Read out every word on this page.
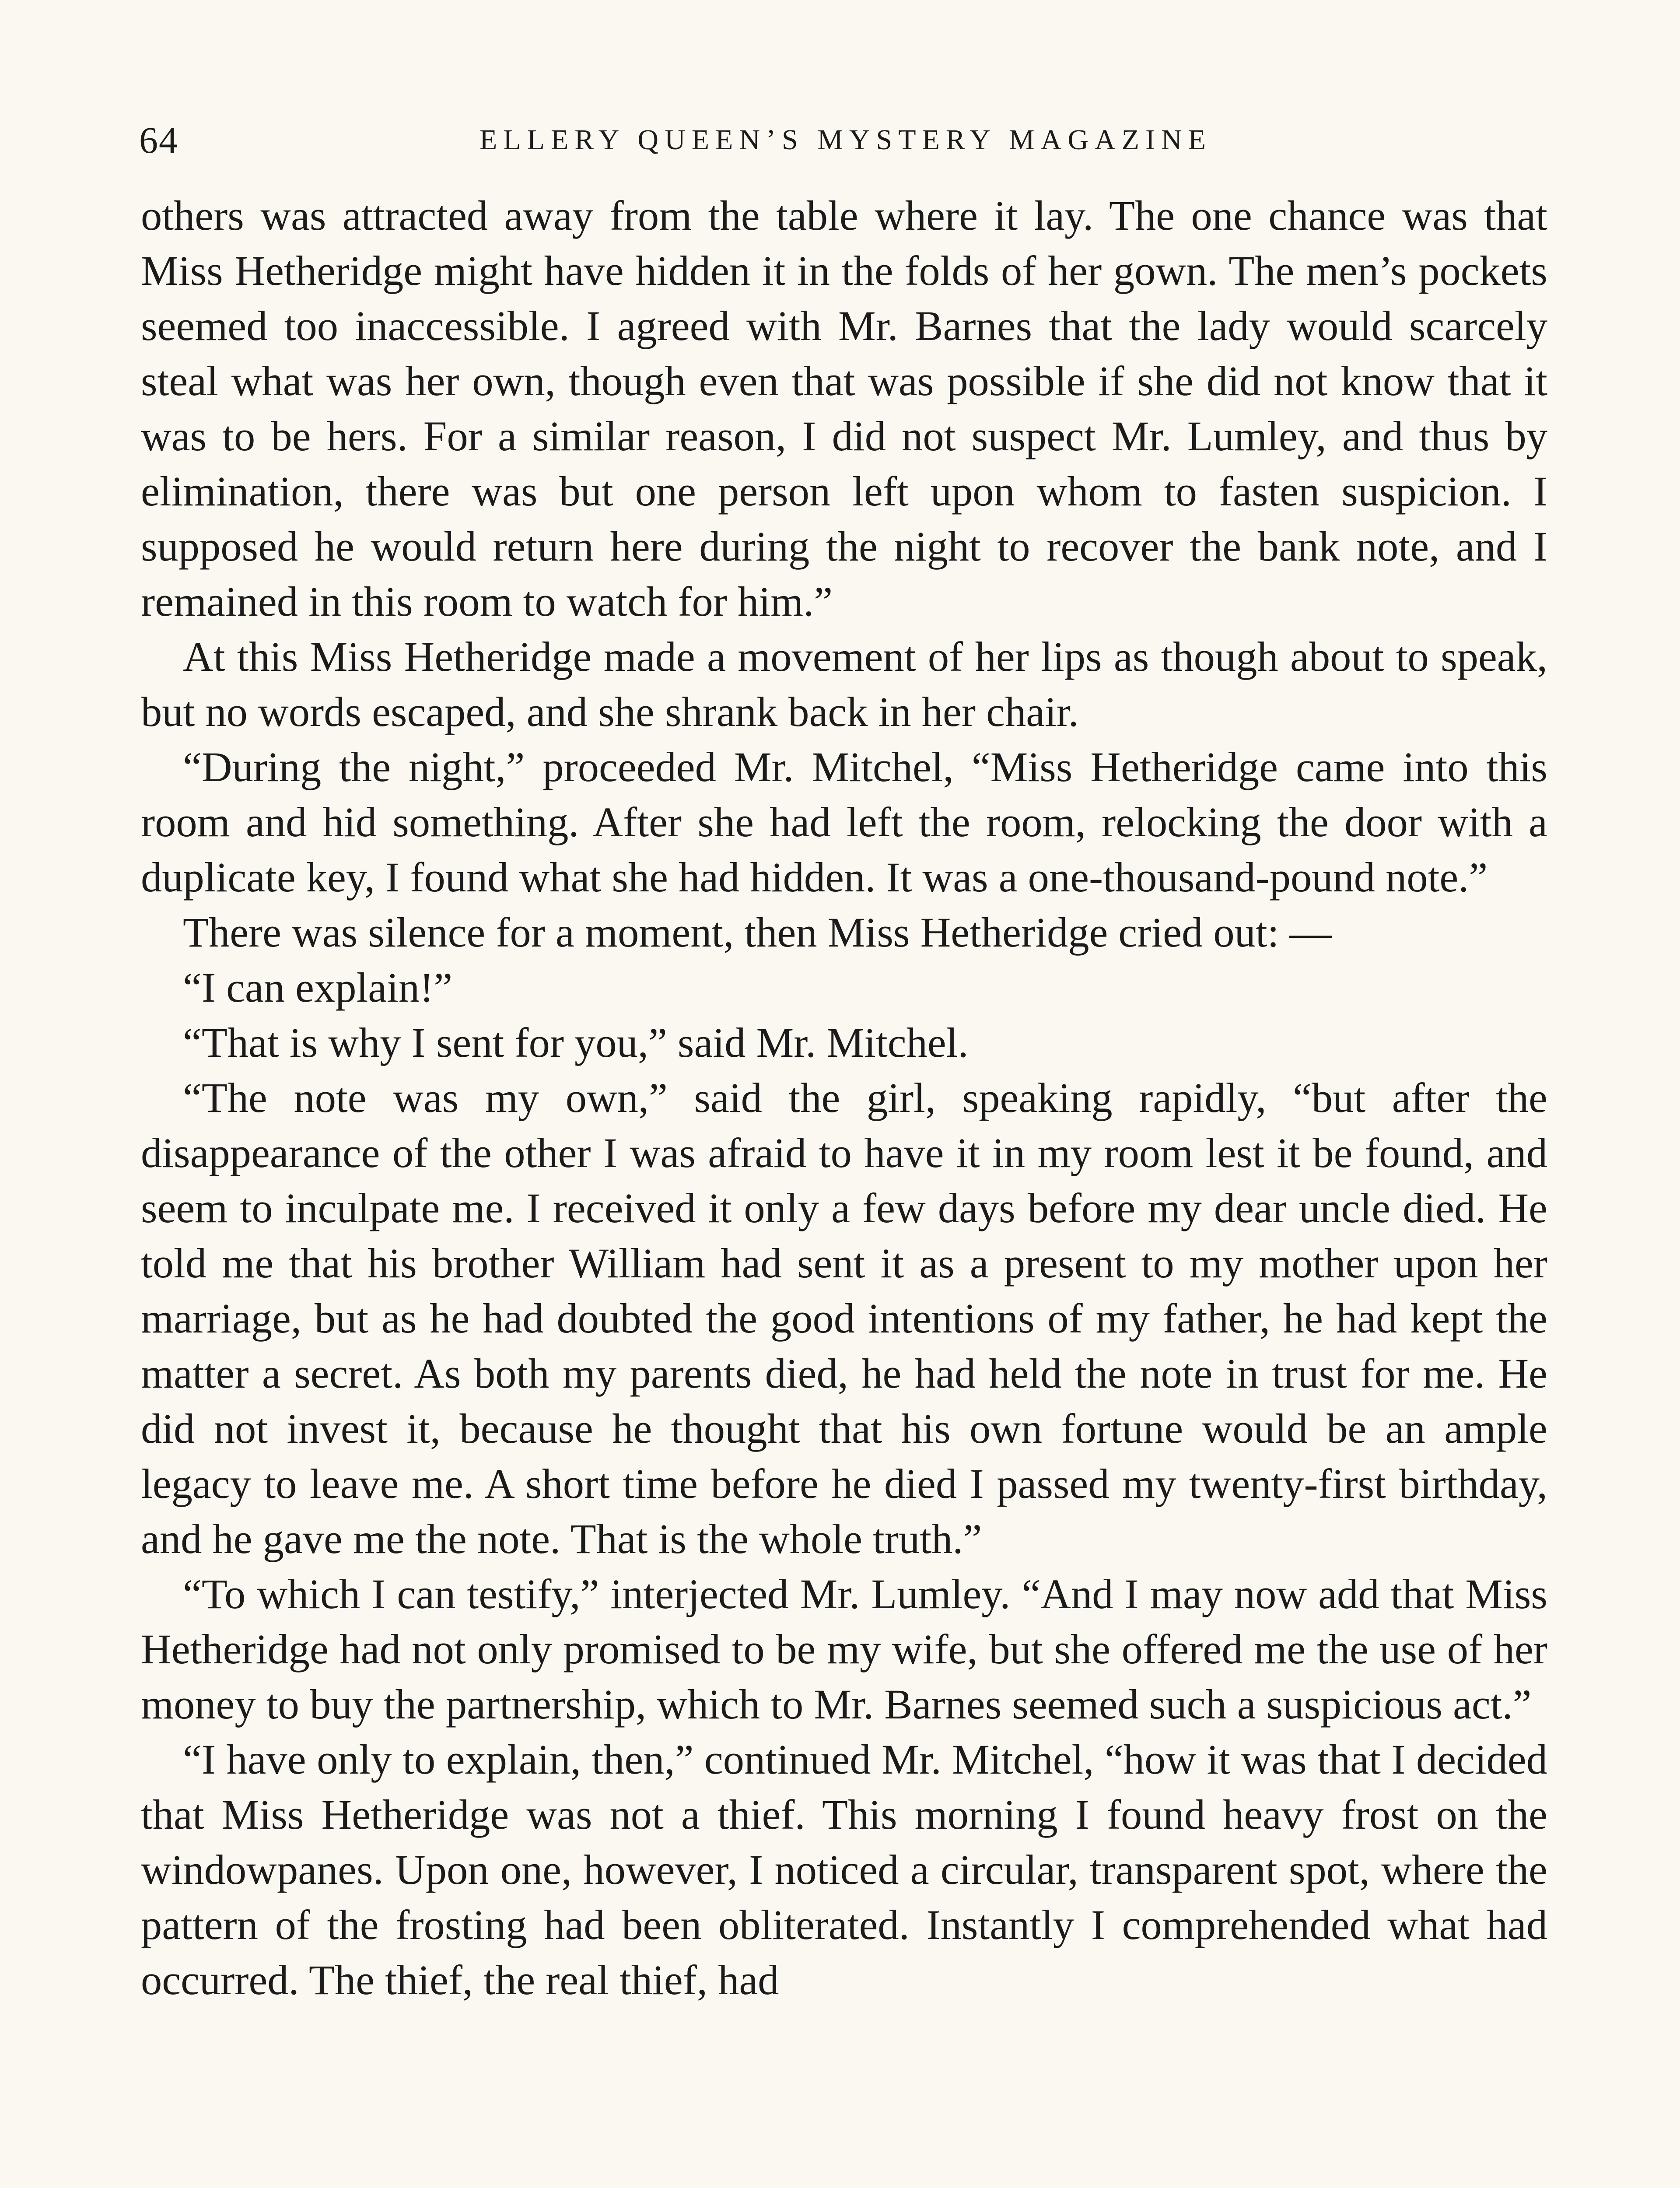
64	ELLERY QUEEN’S MYSTERY MAGAZINE

others was attracted away from the table where it lay. The one chance was that Miss Hetheridge might have hidden it in the folds of her gown. The men’s pockets seemed too inaccessible. I agreed with Mr. Barnes that the lady would scarcely steal what was her own, though even that was possible if she did not know that it was to be hers. For a similar reason, I did not suspect Mr. Lumley, and thus by elimination, there was but one person left upon whom to fasten suspicion. I supposed he would return here during the night to recover the bank note, and I remained in this room to watch for him.”

At this Miss Hetheridge made a movement of her lips as though about to speak, but no words escaped, and she shrank back in her chair.

“During the night,” proceeded Mr. Mitchel, “Miss Hetheridge came into this room and hid something. After she had left the room, relocking the door with a duplicate key, I found what she had hidden. It was a one-thousand-pound note.”

There was silence for a moment, then Miss Hetheridge cried out: —

“I can explain!”

“That is why I sent for you,” said Mr. Mitchel.

“The note was my own,” said the girl, speaking rapidly, “but after the disappearance of the other I was afraid to have it in my room lest it be found, and seem to inculpate me. I received it only a few days before my dear uncle died. He told me that his brother William had sent it as a present to my mother upon her marriage, but as he had doubted the good intentions of my father, he had kept the matter a secret. As both my parents died, he had held the note in trust for me. He did not invest it, because he thought that his own fortune would be an ample legacy to leave me. A short time before he died I passed my twenty-first birthday, and he gave me the note. That is the whole truth.”

“To which I can testify,” interjected Mr. Lumley. “And I may now add that Miss Hetheridge had not only promised to be my wife, but she offered me the use of her money to buy the partnership, which to Mr. Barnes seemed such a suspicious act.”

“I have only to explain, then,” continued Mr. Mitchel, “how it was that I decided that Miss Hetheridge was not a thief. This morning I found heavy frost on the windowpanes. Upon one, however, I noticed a circular, transparent spot, where the pattern of the frosting had been obliterated. Instantly I comprehended what had occurred. The thief, the real thief, had
